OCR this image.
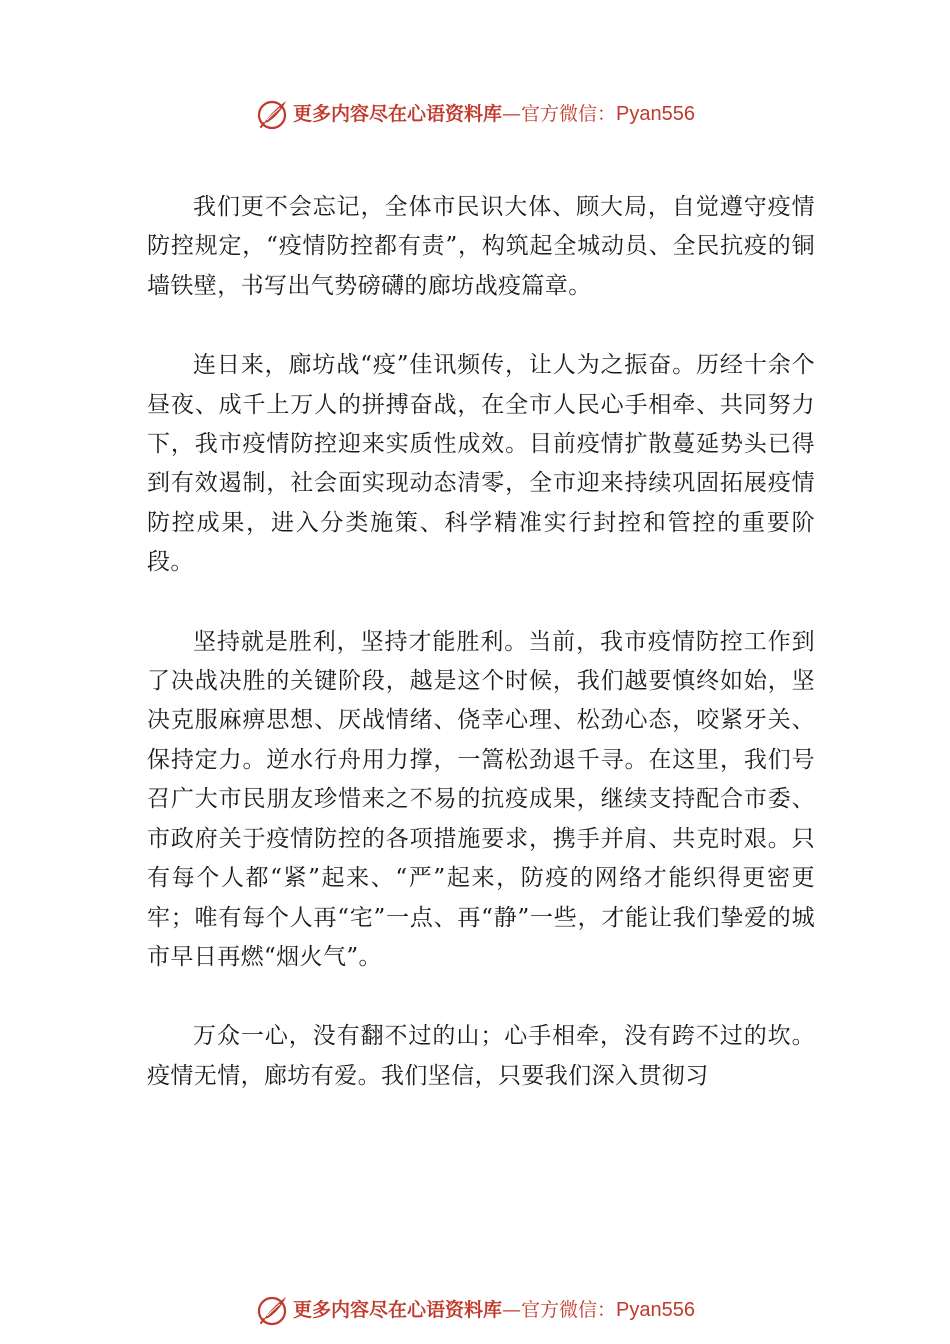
更多内容尽在心语资料库 —官方微信： Pyan556

我们更不会忘记，全体市民识大体、顾大局，自觉遵守疫情防控规定，“疫情防控都有责”，构筑起全城动员、全民抗疫的铜墙铁壁，书写出气势磅礴的廊坊战疫篇章。

连日来，廊坊战“疫”佳讯频传，让人为之振奋。历经十余个昼夜、成千上万人的拼搏奋战，在全市人民心手相牵、共同努力下，我市疫情防控迎来实质性成效。目前疫情扩散蔓延势头已得到有效遏制，社会面实现动态清零，全市迎来持续巩固拓展疫情防控成果，进入分类施策、科学精准实行封控和管控的重要阶段。

坚持就是胜利，坚持才能胜利。当前，我市疫情防控工作到了决战决胜的关键阶段，越是这个时候，我们越要慎终如始，坚决克服麻痹思想、厌战情绪、侥幸心理、松劲心态，咬紧牙关、保持定力。逆水行舟用力撑，一篙松劲退千寻。在这里，我们号召广大市民朋友珍惜来之不易的抗疫成果，继续支持配合市委、市政府关于疫情防控的各项措施要求，携手并肩、共克时艰。只有每个人都“紧”起来、“严”起来，防疫的网络才能织得更密更牢；唯有每个人再“宅”一点、再“静”一些，才能让我们挚爱的城市早日再燃“烟火气”。

万众一心，没有翻不过的山；心手相牵，没有跨不过的坎。疫情无情，廊坊有爱。我们坚信，只要我们深入贯彻习

更多内容尽在心语资料库 —官方微信： Pyan556
